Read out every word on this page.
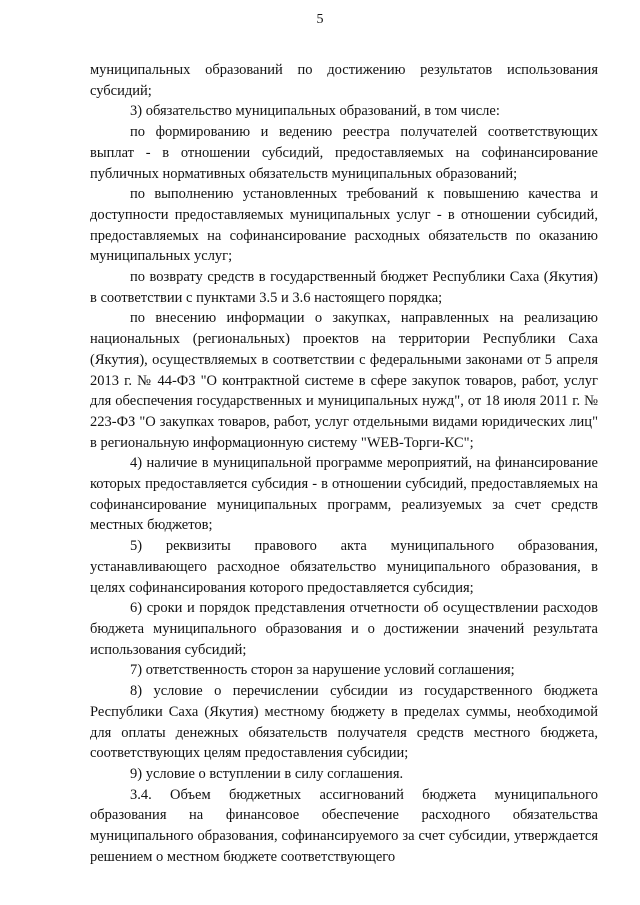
5

муниципальных образований по достижению результатов использования субсидий;

3) обязательство муниципальных образований, в том числе:

по формированию и ведению реестра получателей соответствующих выплат - в отношении субсидий, предоставляемых на софинансирование публичных нормативных обязательств муниципальных образований;

по выполнению установленных требований к повышению качества и доступности предоставляемых муниципальных услуг - в отношении субсидий, предоставляемых на софинансирование расходных обязательств по оказанию муниципальных услуг;

по возврату средств в государственный бюджет Республики Саха (Якутия) в соответствии с пунктами 3.5 и 3.6 настоящего порядка;

по внесению информации о закупках, направленных на реализацию национальных (региональных) проектов на территории Республики Саха (Якутия), осуществляемых в соответствии с федеральными законами от 5 апреля 2013 г. № 44-ФЗ "О контрактной системе в сфере закупок товаров, работ, услуг для обеспечения государственных и муниципальных нужд", от 18 июля 2011 г. № 223-ФЗ "О закупках товаров, работ, услуг отдельными видами юридических лиц" в региональную информационную систему "WEB-Торги-КС";

4) наличие в муниципальной программе мероприятий, на финансирование которых предоставляется субсидия - в отношении субсидий, предоставляемых на софинансирование муниципальных программ, реализуемых за счет средств местных бюджетов;

5) реквизиты правового акта муниципального образования, устанавливающего расходное обязательство муниципального образования, в целях софинансирования которого предоставляется субсидия;

6) сроки и порядок представления отчетности об осуществлении расходов бюджета муниципального образования и о достижении значений результата использования субсидий;

7) ответственность сторон за нарушение условий соглашения;

8) условие о перечислении субсидии из государственного бюджета Республики Саха (Якутия) местному бюджету в пределах суммы, необходимой для оплаты денежных обязательств получателя средств местного бюджета, соответствующих целям предоставления субсидии;

9) условие о вступлении в силу соглашения.

3.4. Объем бюджетных ассигнований бюджета муниципального образования на финансовое обеспечение расходного обязательства муниципального образования, софинансируемого за счет субсидии, утверждается решением о местном бюджете соответствующего
